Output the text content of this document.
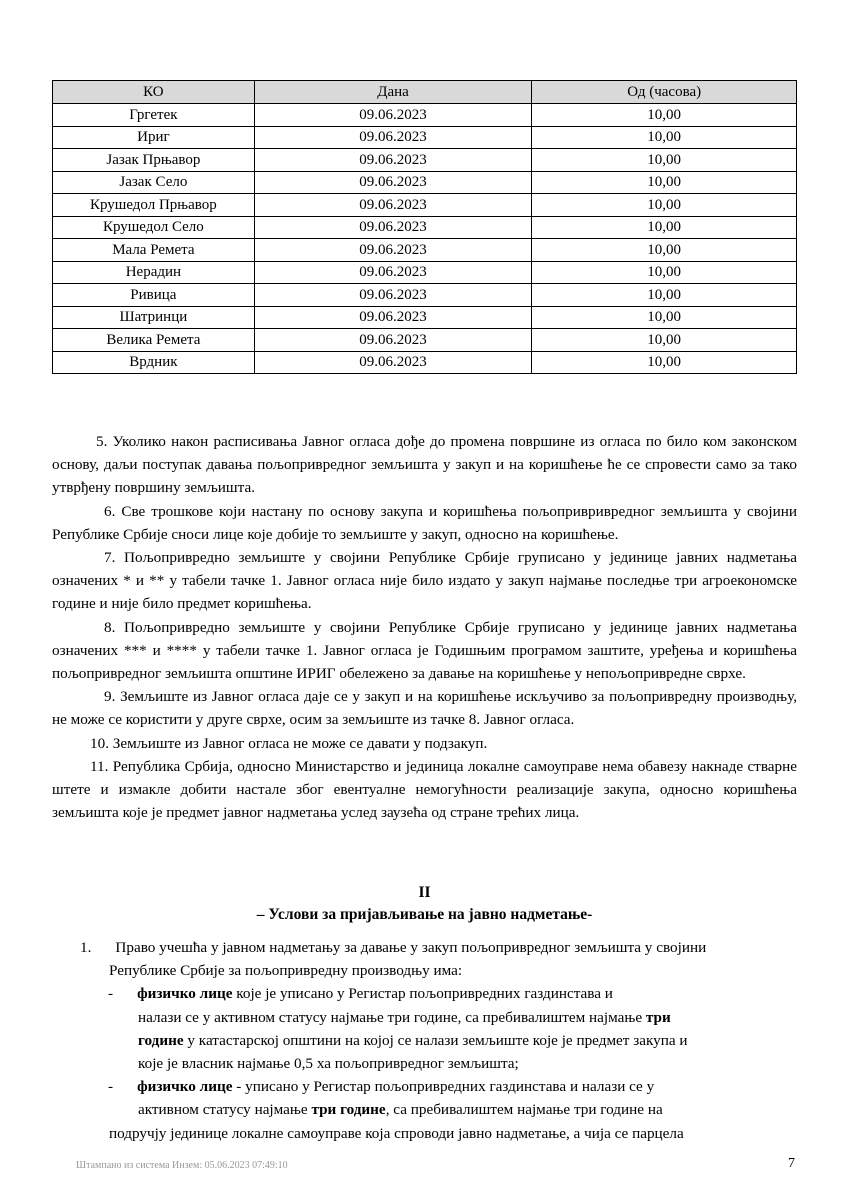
КО	Дана	Од (часова)
Гргетек	09.06.2023	10,00
Ириг	09.06.2023	10,00
Јазак Прњавор	09.06.2023	10,00
Јазак Село	09.06.2023	10,00
Крушедол Прњавор	09.06.2023	10,00
Крушедол Село	09.06.2023	10,00
Мала Ремета	09.06.2023	10,00
Нерадин	09.06.2023	10,00
Ривица	09.06.2023	10,00
Шатринци	09.06.2023	10,00
Велика Ремета	09.06.2023	10,00
Врдник	09.06.2023	10,00

5. Уколико након расписивања Јавног огласа дође до промена површине из огласа по било ком законском основу, даљи поступак давања пољопривредног земљишта у закуп и на коришћење ће се спровести само за тако утврђену површину земљишта.

6. Све трошкове који настану по основу закупа и коришћења пољопривривредног земљишта у својини Републике Србије сноси лице које добије то земљиште у закуп, односно на коришћење.

7. Пољопривредно земљиште у својини Републике Србије груписано у јединице јавних надметања означених * и ** у табели тачке 1. Јавног огласа није било издато у закуп најмање последње три агроекономске године и није било предмет коришћења.

8. Пољопривредно земљиште у својини Републике Србије груписано у јединице јавних надметања означених *** и **** у табели тачке 1. Јавног огласа је Годишњим програмом заштите, уређења и коришћења пољопривредног земљишта општине ИРИГ обележено за давање на коришћење у непољопривредне сврхе.

9. Земљиште из Јавног огласа даје се у закуп и на коришћење искључиво за пољопривредну производњу, не може се користити у друге сврхе, осим за земљиште из тачке 8. Јавног огласа.

10. Земљиште из Јавног огласа не може се давати у подзакуп.

11. Република Србија, односно Министарство и јединица локалне самоуправе нема обавезу накнаде стварне штете и измакле добити настале због евентуалне немогућности реализације закупа, односно коришћења земљишта које је предмет јавног надметања услед заузећа од стране трећих лица.

II
– Услови за пријављивање на јавно надметање-

1. Право учешћа у јавном надметању за давање у закуп пољопривредног земљишта у својини

Републике Србије за пољопривредну производњу има:

- физичко лице које је уписано у Регистар пољопривредних газдинстава и

налази се у активном статусу најмање три године, са пребивалиштем најмање три

године у катастарској општини на којој се налази земљиште које је предмет закупа и

које је власник најмање 0,5 ха пољопривредног земљишта;

- физичко лице - уписано у Регистар пољопривредних газдинстава и налази се у

активном статусу најмање три године, са пребивалиштем најмање три године на

подручју јединице локалне самоуправе која спроводи јавно надметање, а чија се парцела

Штампано из система Инзем: 05.06.2023 07:49:10	7
